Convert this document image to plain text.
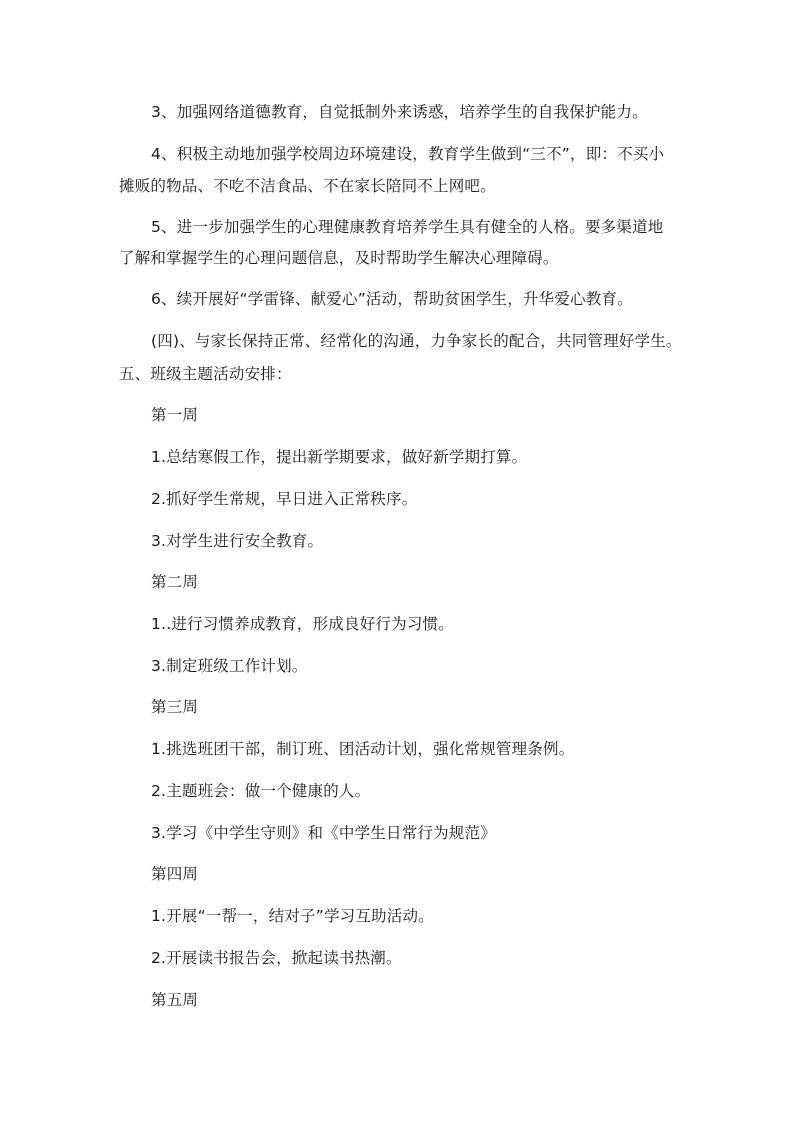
3、加强网络道德教育，自觉抵制外来诱惑，培养学生的自我保护能力。
4、积极主动地加强学校周边环境建设，教育学生做到“三不”，即：不买小
摊贩的物品、不吃不洁食品、不在家长陪同不上网吧。
5、进一步加强学生的心理健康教育培养学生具有健全的人格。要多渠道地
了解和掌握学生的心理问题信息，及时帮助学生解决心理障碍。
6、续开展好“学雷锋、献爱心”活动，帮助贫困学生，升华爱心教育。
(四)、与家长保持正常、经常化的沟通，力争家长的配合，共同管理好学生。
五、班级主题活动安排：
第一周
1.总结寒假工作，提出新学期要求，做好新学期打算。
2.抓好学生常规，早日进入正常秩序。
3.对学生进行安全教育。
第二周
1..进行习惯养成教育，形成良好行为习惯。
3.制定班级工作计划。
第三周
1.挑选班团干部，制订班、团活动计划，强化常规管理条例。
2.主题班会：做一个健康的人。
3.学习《中学生守则》和《中学生日常行为规范》
第四周
1.开展“一帮一，结对子”学习互助活动。
2.开展读书报告会，掀起读书热潮。
第五周
